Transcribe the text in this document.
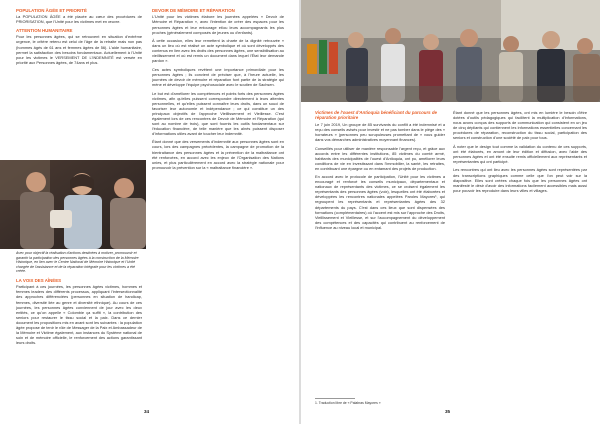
POPULATION ÂGÉE ET PRIORITÉ

La POPULATION ÂGÉE a été placée au cœur des procédures de PRIORISATION, que l'Unité pour les victimes met en œuvre.

ATTENTION HUMANITAIRE

Pour les personnes âgées, qui se retrouvent en situation d'extrême urgence, le critère retenu est celui de l'âge de la retraite mais non pas (hommes âgés de 61 ans et femmes âgées de 56). L'aide humanitaire, permet la satisfaction des besoins fondamentaux. Actuellement à l'Unité pour les victimes le VERSEMENT DE L'INDEMNITÉ est versée en priorité aux Personnes âgées, de 74ans et plus.

Avec pour objectif la réalisation d'actions destinées à motiver, promouvoir et garantir la participation des personnes âgées à la construction de la Mémoire Historique, en lien avec le Centre National de Mémoire Historique et l'Unité chargée de l'assistance et de la réparation intégrale pour les victimes a été créée.

LA VOIX DES AÎNÉES

Participant à ces journées, les personnes âgées victimes, hommes et femmes leaders des différents processus, appliquant l'intersectionnalité des approches différenciées (personnes en situation de handicap, femmes, diversité liée au genre et diversité ethnique). Au cours de ces journées, les personnes âgées conviennent de jour avec les deux entités, ce qu'on appelle « Colombie ça suffit », la contribution des seniors pour restaurer le tissu social et la paix. Dans ce dernier document les propositions mis en avant sont les suivantes : la population âgée propose de tenir le rôle de Messager de la Paix et Ambassadeur de la Mémoire et Victime également, aux instances du Système national de soin et de mémoire officielle, le renforcement des actions garantissant leurs droits.

DEVOIR DE MÉMOIRE ET RÉPARATION

L'Unité pour les victimes élabore les journées appelées « Devoir de Mémoire et Réparation », avec l'intention de créer des espaces pour les personnes âgées et leur entourage et/ou leurs accompagnants les plus proches (généralement composés de jeunes ou d'enfants).

À cette occasion, elles leur remettent la charte de la dignité retrouvée « dans un lieu où est réalisé un acte symbolique et où sont développés des contenus en lien avec les droits des personnes âgées, une sensibilisation au vieillissement et où est remis un document dans lequel l'État leur demande pardon ».

Ces actes symboliques revêtent une importance primordiale pour les personnes âgées ; ils convient de préciser que, à l'heure actuelle, les journées de devoir de mémoire et réparation font partie de la stratégie qui mène et développe l'équipe psychosociale avec le soutien de Sachsen.

Le but est d'améliorer les compétences et points forts des personnes âgées victimes, afin qu'elles puissent correspondre directement à leurs attentes personnelles, et qu'elles puissent connaître leurs droits, dans un souci de favoriser leur autonomie et indépendance ; ce qui constitue un des principaux objectifs de l'approche Vieillissement et Vieillesse. C'est également lors de ces rencontres de Devoir de Mémoire et Réparation (qui sont au nombre de trois), que sont fournis les outils fondamentaux sur l'éducation financière, de telle manière que les aînés puissent disposer d'informations utiles avant de toucher leur indemnité.

Étant donné que des versements d'indemnité aux personnes âgées sont en cours, lors des campagnes précédentes, la campagne de promotion de la bientraitance des personnes âgées et la prévention de la maltraitance ont été renforcées, en accord avec les enjeux de l'Organisation des Nations unies, et plus particulièrement en accord avec la stratégie nationale pour promouvoir la prévention sur la « maltraitance financière ».

34

Victimes de l'ouest d'Antioquia bénéficiant du parcours de réparation prioritaire

Le 7 juin 2019, Un groupe de 85 survivants du conflit a été indemnisé et a reçu des conseils avisés pour investir et ne pas tomber dans le piège des « horrateurs » (personnes peu scrupuleuses promettant de « vous guider dans vos démarches administratives moyennant finances).

Conseillés pour utiliser de manière responsable l'argent reçu, et grâce aux accords entre les différentes institutions, 85 victimes du comté armé, habitants des municipalités de l'ouest d'Antioquia, ont pu, améliorer leurs conditions de vie en investissant dans l'immobilier, la santé, les retraites, en contribuant une épargne ou en entamant des projets de production.

En accord avec le protocole de participation, l'Unité pour les victimes a encouragé et renforcé les conseils municipaux, départementaux et nationaux de représentants des victimes, ce se croisent également les représentants des personnes âgées (voix), lesquelles ont été élaborées et développées les rencontres nationales appelées Paroles Mayores¹, qui regroupent les représentants et représentantes âgées des 32 départements du pays. C'est dans ces lieux que sont dispensées des formations (complémentaires) où l'accent est mis sur l'approche des Droits, Vieillissement et Vieillesse, et sur l'accompagnement du développement des compétences et des capacités qui contribuent au renforcement de l'influence au niveau local et municipal.

1. Traduction libre de « Palabras Mayores »

Étant donné que les personnes âgées, ont mis en lumière le besoin d'être dotées d'outils pédagogiques qui facilitent la multiplication d'informations, nous avons conçus des supports de communication qui consistent en un jeu de cinq dépliants qui contiennent les informations essentielles concernant les procédures de réparation, reconstruction du tissu social, participation des seniors et construction d'une société de paix pour tous.

À noter que le design tout comme la validation du contenu de ces supports, ont été élaborés, en amont de leur édition et diffusion, avec l'aide des personnes âgées et ont été ensuite remis officiellement aux représentants et représentantes qui ont participé.

Les rencontres qui ont lieu avec les personnes âgées sont représentées par des transcriptions graphiques comme celle que l'on peut voir sur la diapositive. Elles sont créées chaque fois que les personnes âgées ont manifesté le désir d'avoir des informations facilement accessibles mais aussi pour pouvoir les reproduire dans leurs villes et villages.

35
